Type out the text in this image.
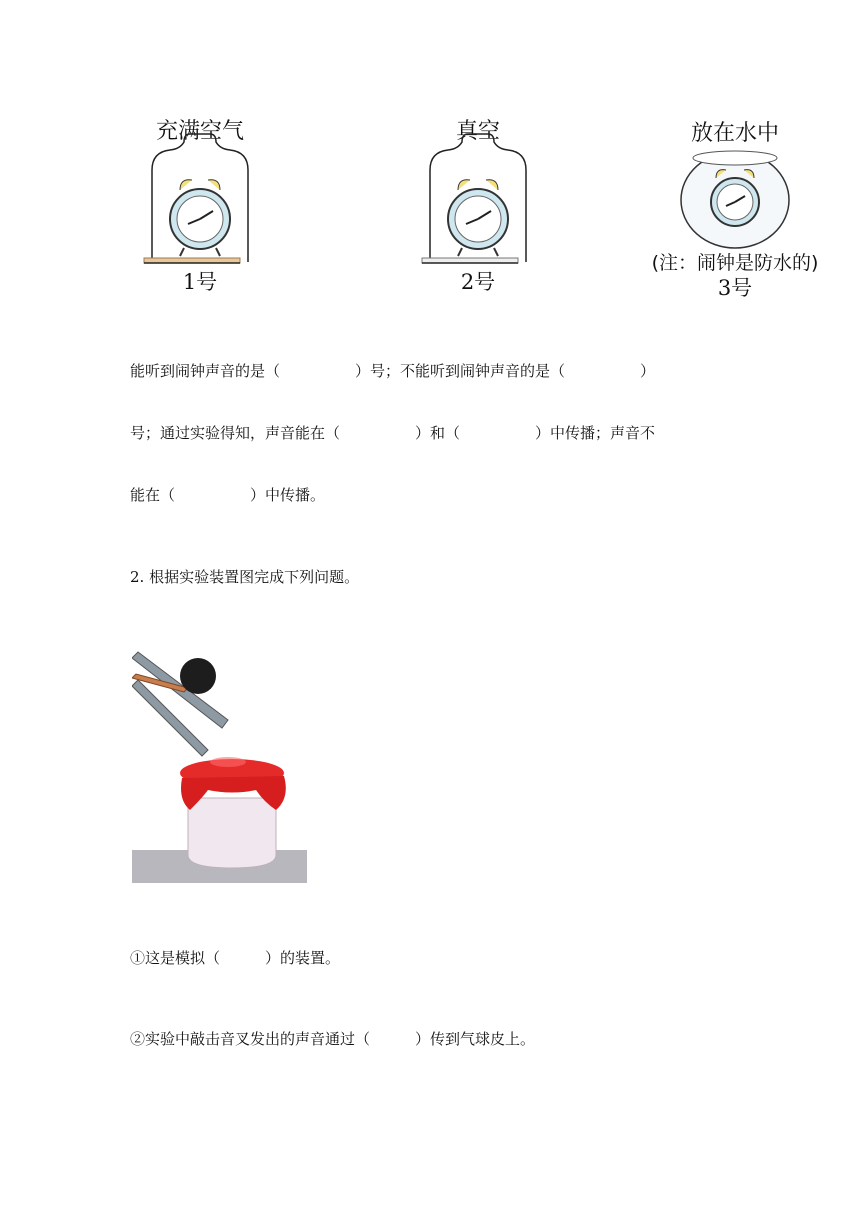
充满空气
1号
真空
2号
放在水中
(注：闹钟是防水的)
3号
能听到闹钟声音的是（　　　　　）号；不能听到闹钟声音的是（　　　　　）
号；通过实验得知，声音能在（　　　　　）和（　　　　　）中传播；声音不
能在（　　　　　）中传播。
2. 根据实验装置图完成下列问题。
①这是模拟（　　　）的装置。
②实验中敲击音叉发出的声音通过（　　　）传到气球皮上。
